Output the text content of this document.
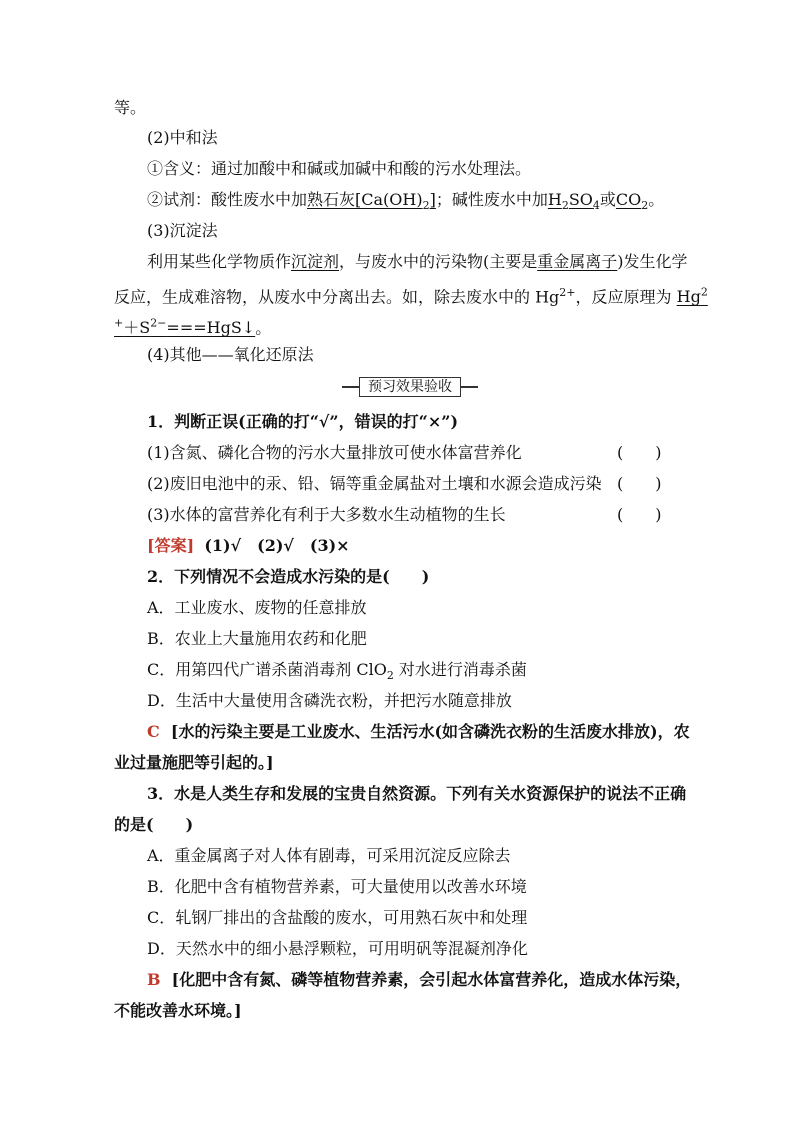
等。
(2)中和法
①含义：通过加酸中和碱或加碱中和酸的污水处理法。
②试剂：酸性废水中加熟石灰$[Ca(OH)_2]$；碱性废水中加$H_2SO_4$或$CO_2$。
(3)沉淀法
利用某些化学物质作沉淀剂，与废水中的污染物(主要是重金属离子)发生化学
反应，生成难溶物，从废水中分离出去。如，除去废水中的 $Hg^{2+}$，反应原理为 Hg$^2$
$^++S^{2-}===HgS↓$。
(4)其他——氧化还原法
预习效果验收
1．判断正误(正确的打“√”，错误的打“×”)
(1)含氮、磷化合物的污水大量排放可使水体富营养化	(　　)
(2)废旧电池中的汞、铅、镉等重金属盐对土壤和水源会造成污染 (　　)
(3)水体的富营养化有利于大多数水生动植物的生长	(　　)
[答案] (1)√　(2)√　(3)×
2．下列情况不会造成水污染的是(　　)
A．工业废水、废物的任意排放
B．农业上大量施用农药和化肥
C．用第四代广谱杀菌消毒剂 ClO$_2$ 对水进行消毒杀菌
D．生活中大量使用含磷洗衣粉，并把污水随意排放
C [水的污染主要是工业废水、生活污水(如含磷洗衣粉的生活废水排放)，农
业过量施肥等引起的。]
3．水是人类生存和发展的宝贵自然资源。下列有关水资源保护的说法不正确
的是(　　)
A．重金属离子对人体有剧毒，可采用沉淀反应除去
B．化肥中含有植物营养素，可大量使用以改善水环境
C．轧钢厂排出的含盐酸的废水，可用熟石灰中和处理
D．天然水中的细小悬浮颗粒，可用明矾等混凝剂净化
B [化肥中含有氮、磷等植物营养素，会引起水体富营养化，造成水体污染，
不能改善水环境。]
